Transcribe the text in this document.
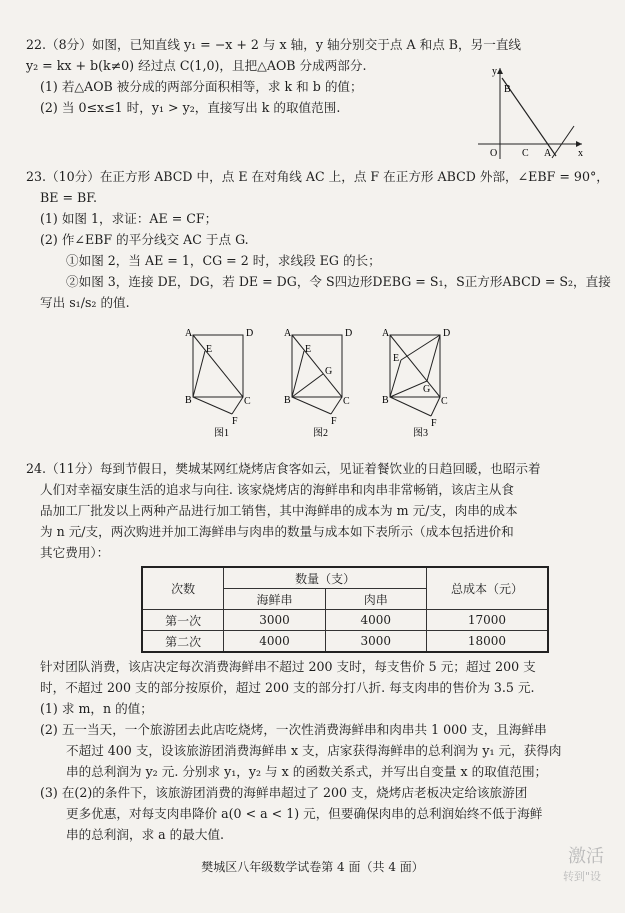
22.（8分）如图，已知直线 y₁ = −x + 2 与 x 轴，y 轴分别交于点 A 和点 B，另一直线
y₂ = kx + b(k≠0) 经过点 C(1,0)，且把△AOB 分成两部分.
(1) 若△AOB 被分成的两部分面积相等，求 k 和 b 的值；
(2) 当 0≤x≤1 时，y₁ > y₂，直接写出 k 的取值范围.
y
x
B
O C A
23.（10分）在正方形 ABCD 中，点 E 在对角线 AC 上，点 F 在正方形 ABCD 外部，∠EBF = 90°，
BE = BF.
(1) 如图 1，求证：AE = CF；
(2) 作∠EBF 的平分线交 AC 于点 G.
①如图 2，当 AE = 1，CG = 2 时，求线段 EG 的长；
②如图 3，连接 DE，DG，若 DE = DG，令 S四边形DEBG = S₁，S正方形ABCD = S₂，直接
写出 s₁/s₂ 的值.
A	D
B	C
E
F
图1
A	D
B	C
E
G
F
图2
A	D
B	C
E
G
F
图3
24.（11分）每到节假日，樊城某网红烧烤店食客如云，见证着餐饮业的日趋回暖，也昭示着
人们对幸福安康生活的追求与向往. 该家烧烤店的海鲜串和肉串非常畅销，该店主从食
品加工厂批发以上两种产品进行加工销售，其中海鲜串的成本为 m 元/支，肉串的成本
为 n 元/支，两次购进并加工海鲜串与肉串的数量与成本如下表所示（成本包括进价和
其它费用）：
次数	数量（支）		总成本（元）
	海鲜串	肉串	
第一次	3000	4000	17000
第二次	4000	3000	18000
针对团队消费，该店决定每次消费海鲜串不超过 200 支时，每支售价 5 元；超过 200 支
时，不超过 200 支的部分按原价，超过 200 支的部分打八折. 每支肉串的售价为 3.5 元.
(1) 求 m，n 的值；
(2) 五一当天，一个旅游团去此店吃烧烤，一次性消费海鲜串和肉串共 1 000 支，且海鲜串
不超过 400 支，设该旅游团消费海鲜串 x 支，店家获得海鲜串的总利润为 y₁ 元，获得肉
串的总利润为 y₂ 元. 分别求 y₁，y₂ 与 x 的函数关系式，并写出自变量 x 的取值范围；
(3) 在(2)的条件下，该旅游团消费的海鲜串超过了 200 支，烧烤店老板决定给该旅游团
更多优惠，对每支肉串降价 a(0 < a < 1) 元，但要确保肉串的总利润始终不低于海鲜
串的总利润，求 a 的最大值.
樊城区八年级数学试卷第 4 面（共 4 面）	激活
转到"设
